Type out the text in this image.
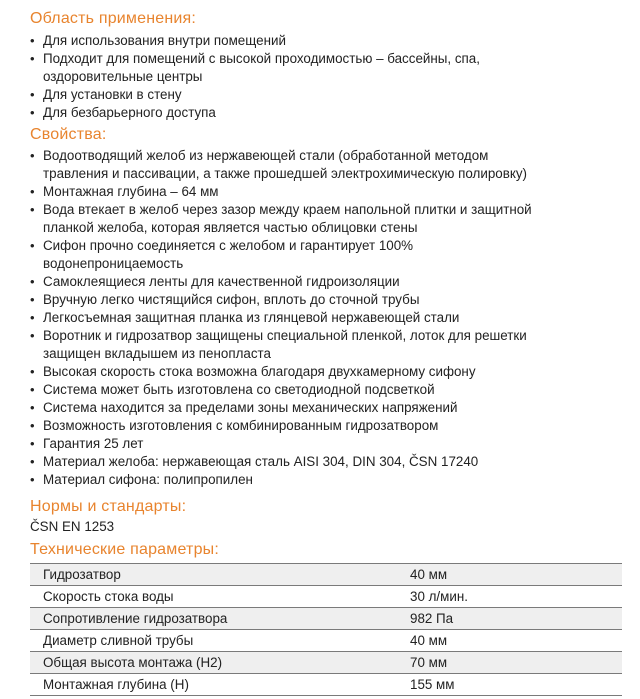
Область применения:
• Для использования внутри помещений
• Подходит для помещений с высокой проходимостью – бассейны, спа,
оздоровительные центры
• Для установки в стену
• Для безбарьерного доступа
Свойства:
• Водоотводящий желоб из нержавеющей стали (обработанной методом
травления и пассивации, а также прошедшей электрохимическую полировку)
• Монтажная глубина – 64 мм
• Вода втекает в желоб через зазор между краем напольной плитки и защитной
планкой желоба, которая является частью облицовки стены
• Сифон прочно соединяется с желобом и гарантирует 100%
водонепроницаемость
• Самоклеящиеся ленты для качественной гидроизоляции
• Вручную легко чистящийся сифон, вплоть до сточной трубы
• Легкосъемная защитная планка из глянцевой нержавеющей стали
• Воротник и гидрозатвор защищены специальной пленкой, лоток для решетки
защищен вкладышем из пенопласта
• Высокая скорость стока возможна благодаря двухкамерному сифону
• Система может быть изготовлена со светодиодной подсветкой
• Система находится за пределами зоны механических напряжений
• Возможность изготовления с комбинированным гидрозатвором
• Гарантия 25 лет
• Материал желоба: нержавеющая сталь AISI 304, DIN 304, ČSN 17240
• Материал сифона: полипропилен
Нормы и стандарты:
ČSN EN 1253
Технические параметры:
Гидрозатвор	40 мм
Скорость стока воды	30 л/мин.
Сопротивление гидрозатвора	982 Па
Диаметр сливной трубы	40 мм
Общая высота монтажа (H2)	70 мм
Монтажная глубина (H)	155 мм
